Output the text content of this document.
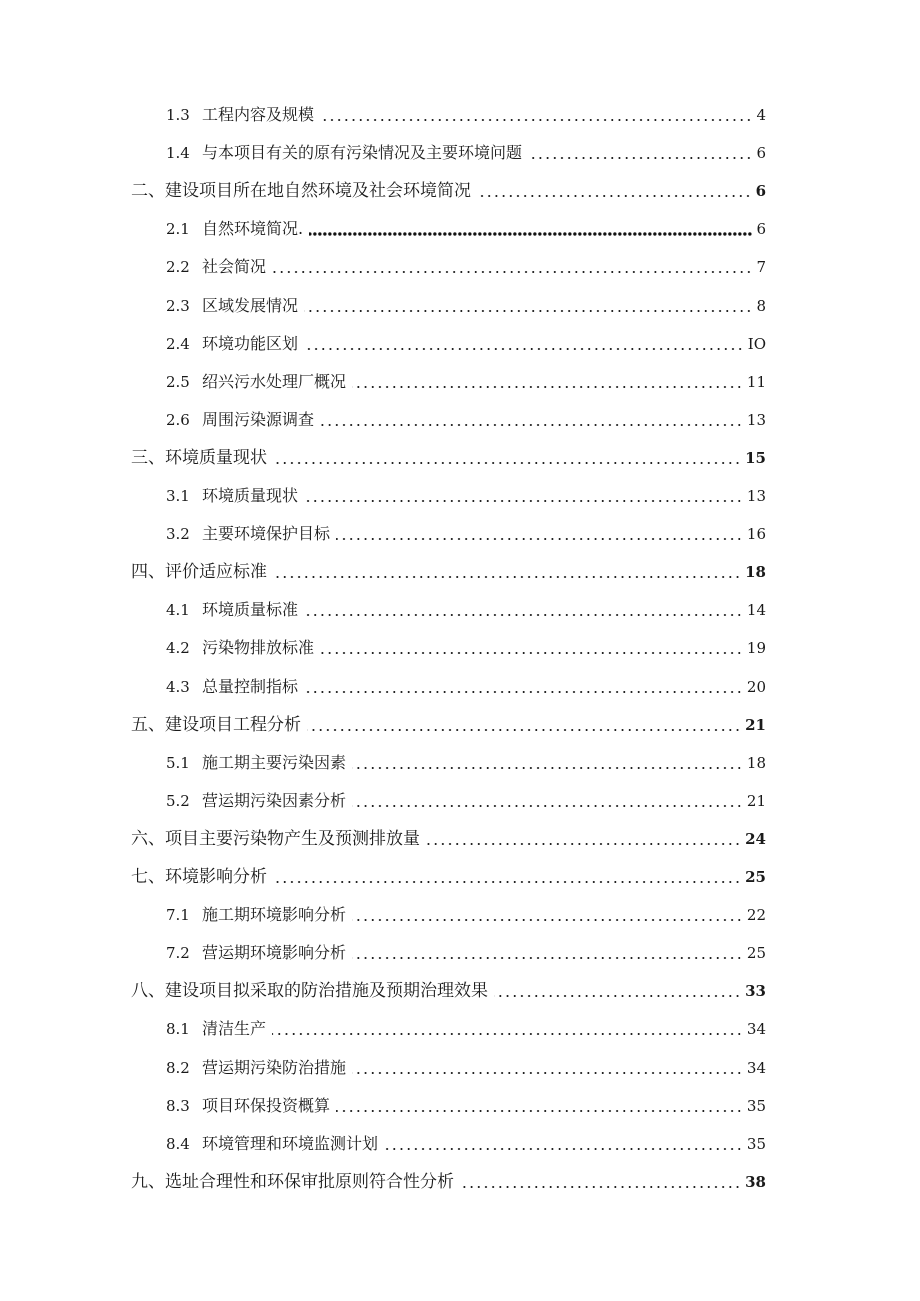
1.3 工程内容及规模	4
1.4 与本项目有关的原有污染情况及主要环境问题	6
二、建设项目所在地自然环境及社会环境简况	6
2.1 自然环境简况.	6
2.2 社会简况	7
2.3 区域发展情况	8
2.4 环境功能区划	IO
2.5 绍兴污水处理厂概况	11
2.6 周围污染源调查	13
三、环境质量现状	15
3.1 环境质量现状	13
3.2 主要环境保护目标	16
四、评价适应标准	18
4.1 环境质量标准	14
4.2 污染物排放标准	19
4.3 总量控制指标	20
五、建设项目工程分析	21
5.1 施工期主要污染因素	18
5.2 营运期污染因素分析	21
六、项目主要污染物产生及预测排放量	24
七、环境影响分析	25
7.1 施工期环境影响分析	22
7.2 营运期环境影响分析	25
八、建设项目拟采取的防治措施及预期治理效果	33
8.1 清洁生产	34
8.2 营运期污染防治措施	34
8.3 项目环保投资概算	35
8.4 环境管理和环境监测计划	35
九、选址合理性和环保审批原则符合性分析	38
